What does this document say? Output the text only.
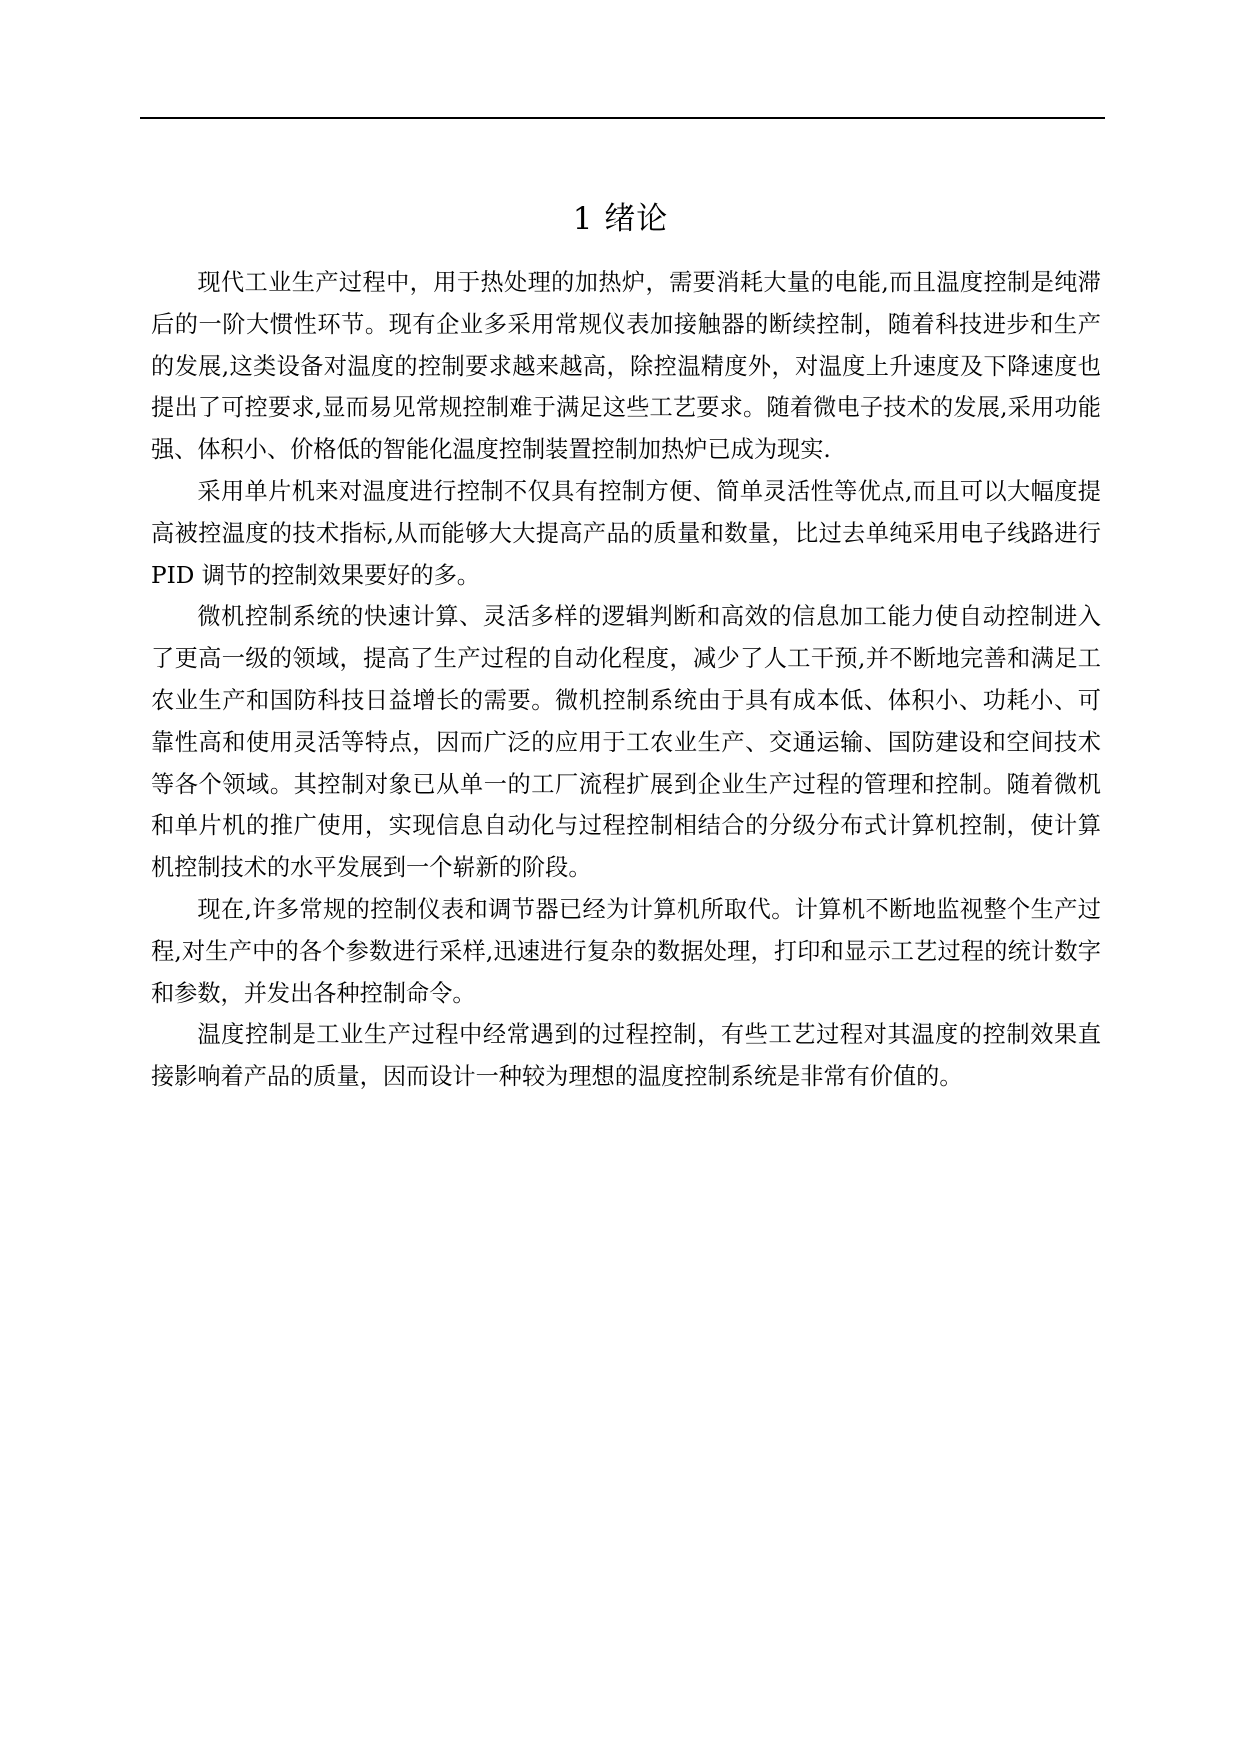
1 绪论

现代工业生产过程中，用于热处理的加热炉，需要消耗大量的电能,而且温度控制是纯滞后的一阶大惯性环节。现有企业多采用常规仪表加接触器的断续控制，随着科技进步和生产的发展,这类设备对温度的控制要求越来越高，除控温精度外，对温度上升速度及下降速度也提出了可控要求,显而易见常规控制难于满足这些工艺要求。随着微电子技术的发展,采用功能强、体积小、价格低的智能化温度控制装置控制加热炉已成为现实.

采用单片机来对温度进行控制不仅具有控制方便、简单灵活性等优点,而且可以大幅度提高被控温度的技术指标,从而能够大大提高产品的质量和数量，比过去单纯采用电子线路进行 PID 调节的控制效果要好的多。

微机控制系统的快速计算、灵活多样的逻辑判断和高效的信息加工能力使自动控制进入了更高一级的领域，提高了生产过程的自动化程度，减少了人工干预,并不断地完善和满足工农业生产和国防科技日益增长的需要。微机控制系统由于具有成本低、体积小、功耗小、可靠性高和使用灵活等特点，因而广泛的应用于工农业生产、交通运输、国防建设和空间技术等各个领域。其控制对象已从单一的工厂流程扩展到企业生产过程的管理和控制。随着微机和单片机的推广使用，实现信息自动化与过程控制相结合的分级分布式计算机控制，使计算机控制技术的水平发展到一个崭新的阶段。

现在,许多常规的控制仪表和调节器已经为计算机所取代。计算机不断地监视整个生产过程,对生产中的各个参数进行采样,迅速进行复杂的数据处理，打印和显示工艺过程的统计数字和参数，并发出各种控制命令。

温度控制是工业生产过程中经常遇到的过程控制，有些工艺过程对其温度的控制效果直接影响着产品的质量，因而设计一种较为理想的温度控制系统是非常有价值的。
